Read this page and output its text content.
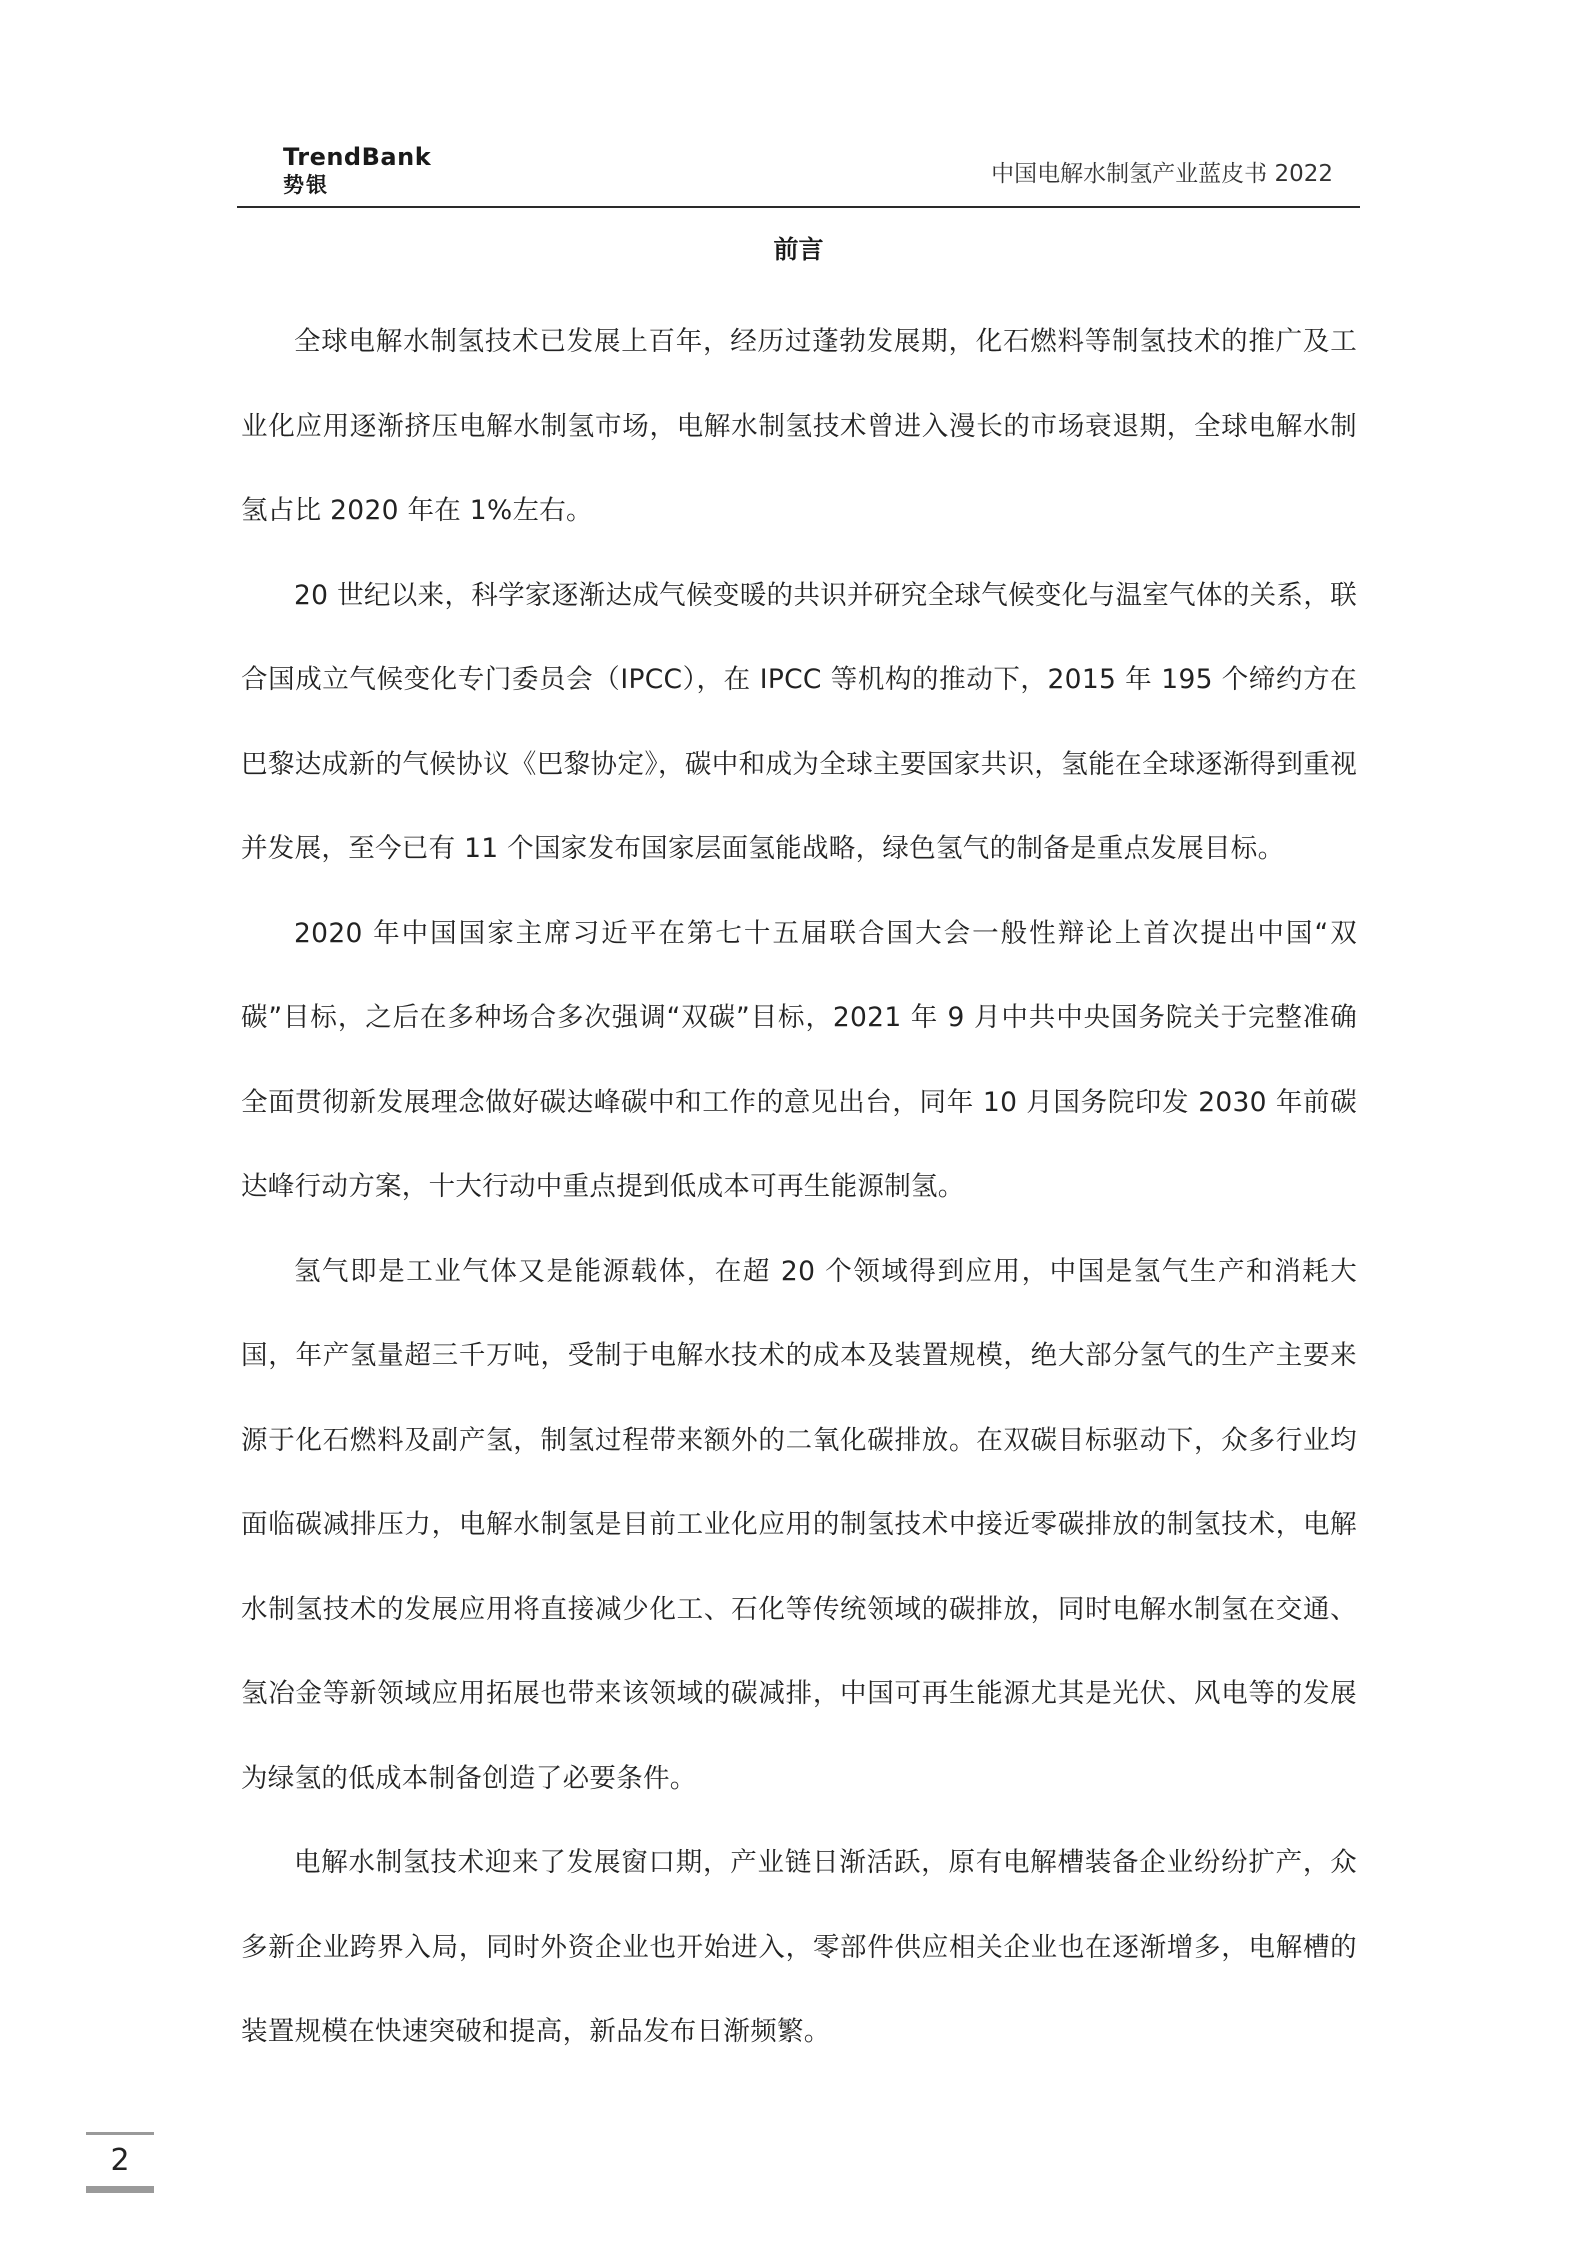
TrendBank
势银	中国电解水制氢产业蓝皮书 2022
前言

全球电解水制氢技术已发展上百年，经历过蓬勃发展期，化石燃料等制氢技术的推广及工业化应用逐渐挤压电解水制氢市场，电解水制氢技术曾进入漫长的市场衰退期，全球电解水制氢占比 2020 年在 1%左右。

20 世纪以来，科学家逐渐达成气候变暖的共识并研究全球气候变化与温室气体的关系，联合国成立气候变化专门委员会（IPCC），在 IPCC 等机构的推动下，2015 年 195 个缔约方在巴黎达成新的气候协议《巴黎协定》，碳中和成为全球主要国家共识，氢能在全球逐渐得到重视并发展，至今已有 11 个国家发布国家层面氢能战略，绿色氢气的制备是重点发展目标。

2020 年中国国家主席习近平在第七十五届联合国大会一般性辩论上首次提出中国“双碳”目标，之后在多种场合多次强调“双碳”目标，2021 年 9 月中共中央国务院关于完整准确全面贯彻新发展理念做好碳达峰碳中和工作的意见出台，同年 10 月国务院印发 2030 年前碳达峰行动方案，十大行动中重点提到低成本可再生能源制氢。

氢气即是工业气体又是能源载体，在超 20 个领域得到应用，中国是氢气生产和消耗大国，年产氢量超三千万吨，受制于电解水技术的成本及装置规模，绝大部分氢气的生产主要来源于化石燃料及副产氢，制氢过程带来额外的二氧化碳排放。在双碳目标驱动下，众多行业均面临碳减排压力，电解水制氢是目前工业化应用的制氢技术中接近零碳排放的制氢技术，电解水制氢技术的发展应用将直接减少化工、石化等传统领域的碳排放，同时电解水制氢在交通、氢冶金等新领域应用拓展也带来该领域的碳减排，中国可再生能源尤其是光伏、风电等的发展为绿氢的低成本制备创造了必要条件。

电解水制氢技术迎来了发展窗口期，产业链日渐活跃，原有电解槽装备企业纷纷扩产，众多新企业跨界入局，同时外资企业也开始进入，零部件供应相关企业也在逐渐增多，电解槽的装置规模在快速突破和提高，新品发布日渐频繁。

2
